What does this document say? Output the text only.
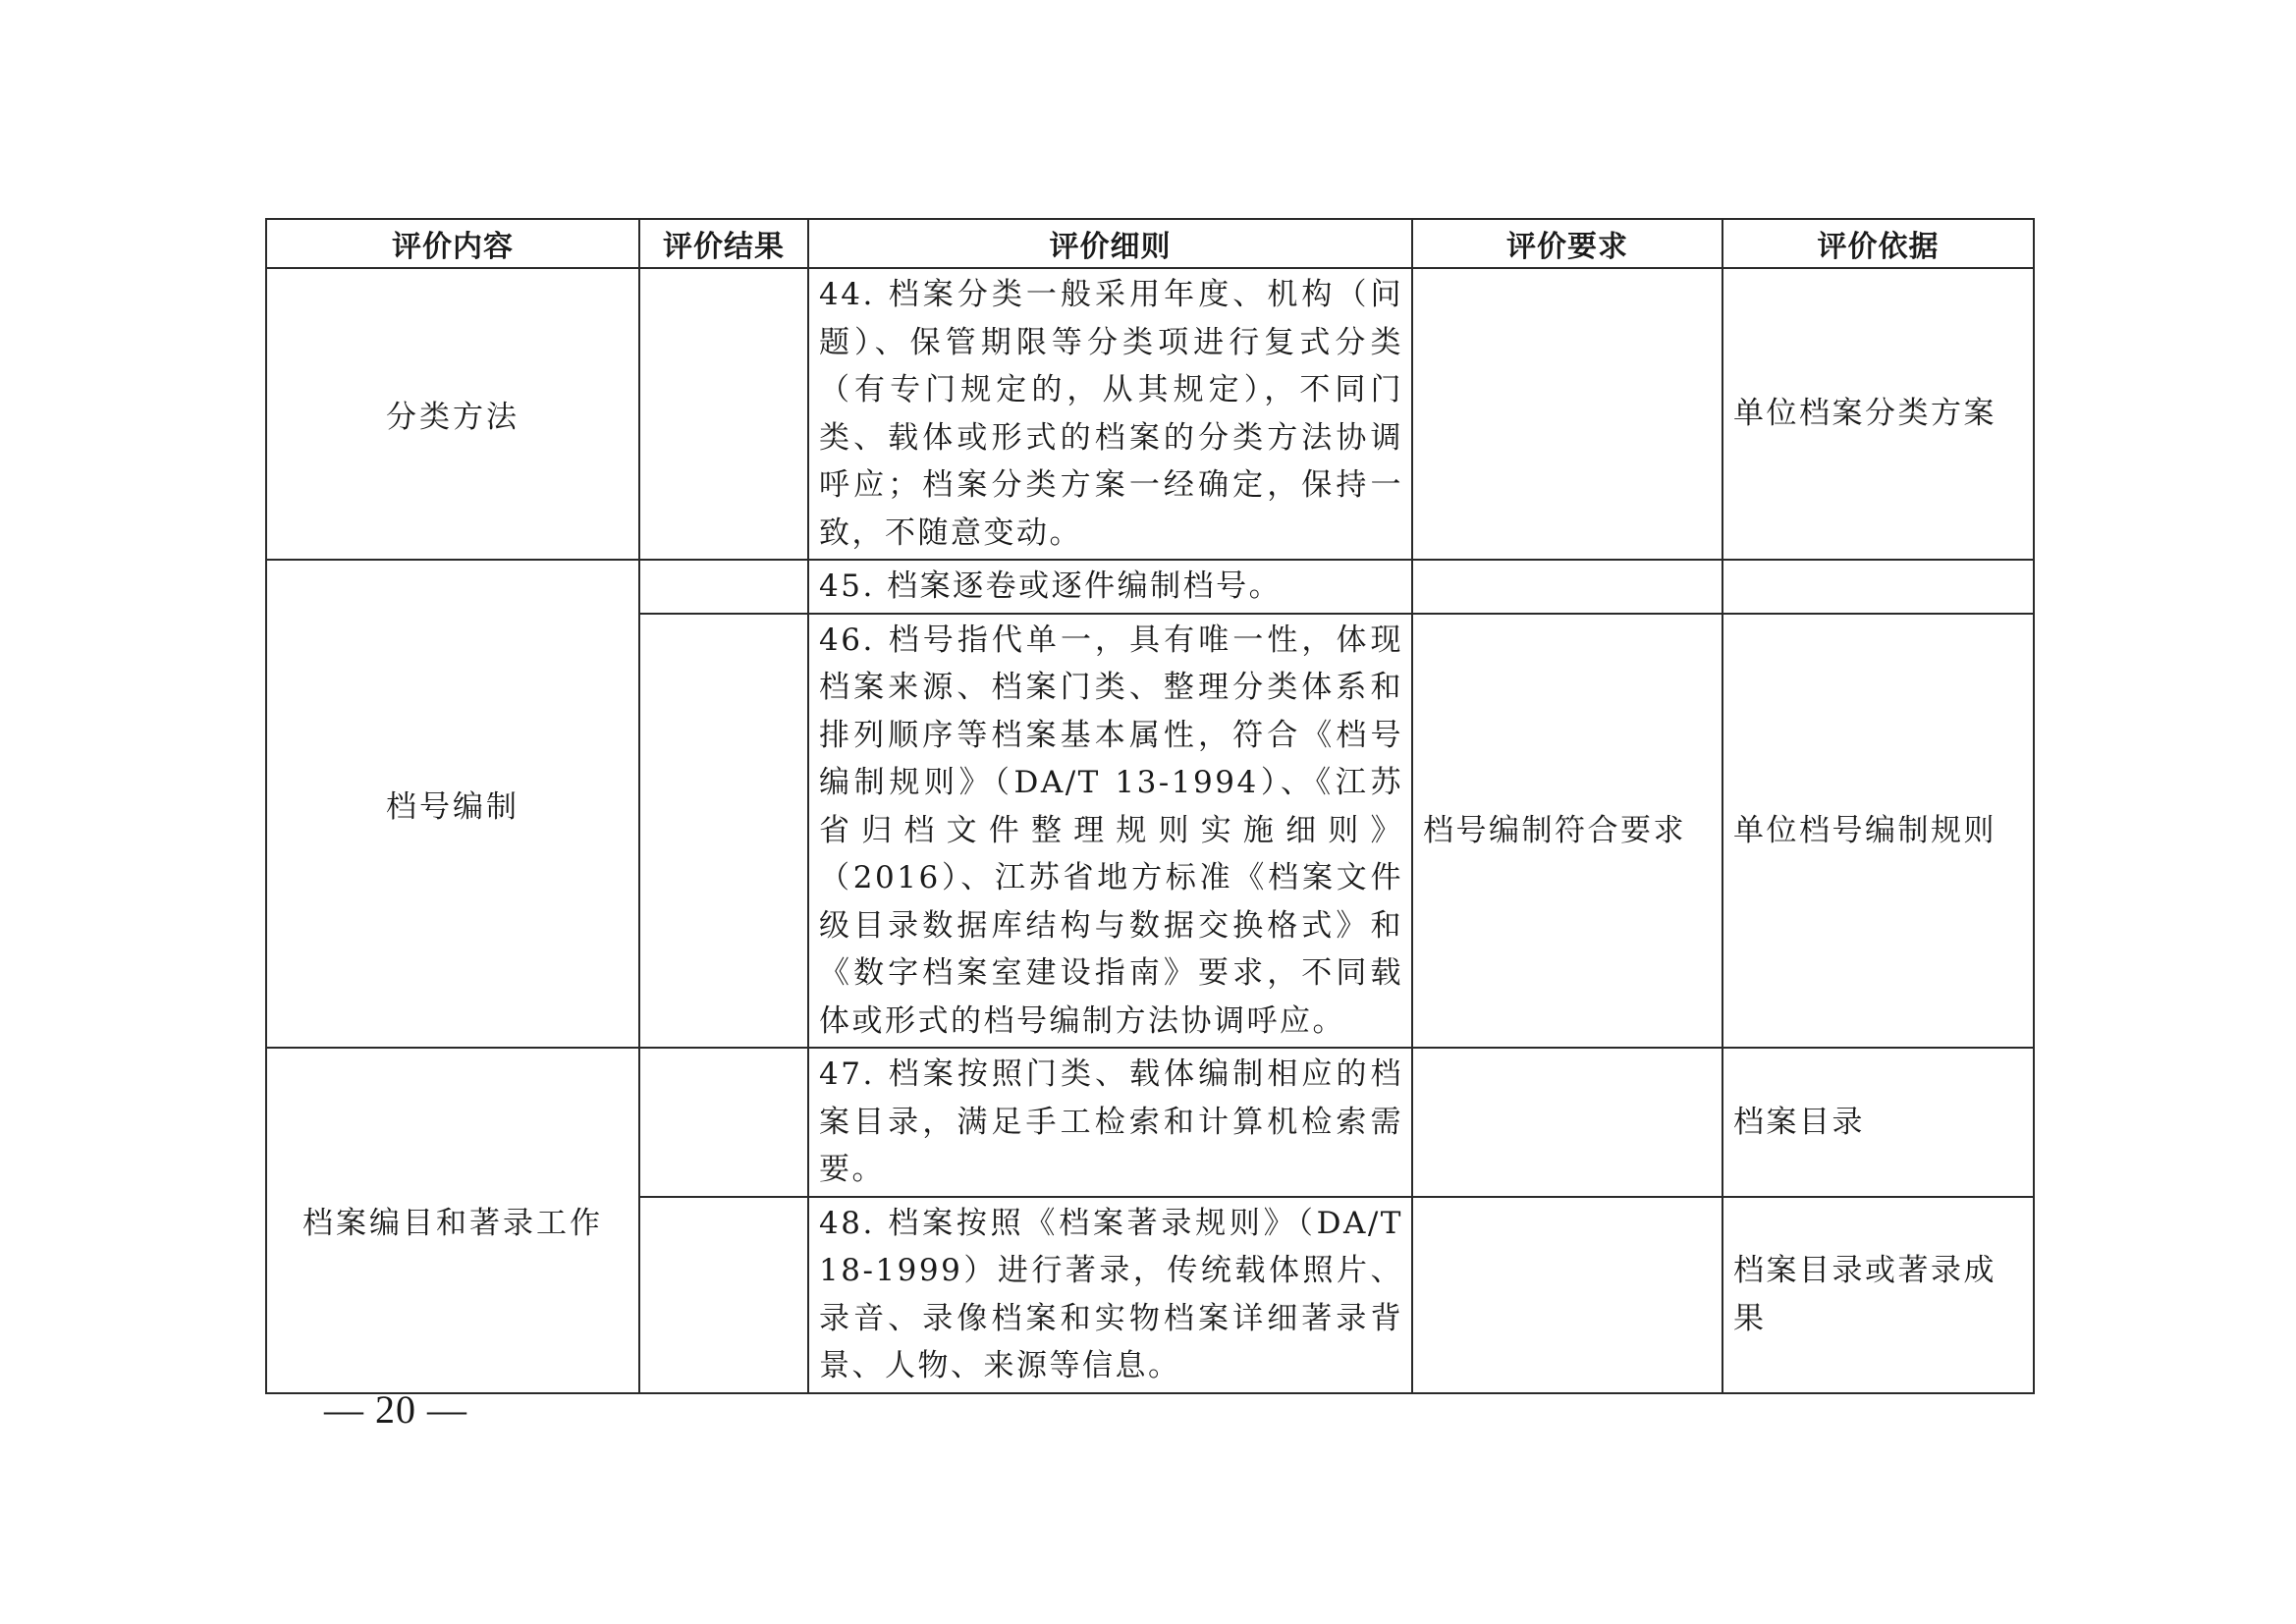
评价内容	评价结果	评价细则	评价要求	评价依据
分类方法		44. 档案分类一般采用年度、机构（问题）、保管期限等分类项进行复式分类（有专门规定的，从其规定），不同门类、载体或形式的档案的分类方法协调呼应；档案分类方案一经确定，保持一致，不随意变动。		单位档案分类方案
档号编制		45. 档案逐卷或逐件编制档号。		
		46. 档号指代单一，具有唯一性，体现档案来源、档案门类、整理分类体系和排列顺序等档案基本属性，符合《档号编制规则》（DA/T 13-1994）、《江苏省归档文件整理规则实施细则》（2016）、江苏省地方标准《档案文件级目录数据库结构与数据交换格式》和《数字档案室建设指南》要求，不同载体或形式的档号编制方法协调呼应。	档号编制符合要求	单位档号编制规则
档案编目和著录工作		47. 档案按照门类、载体编制相应的档案目录，满足手工检索和计算机检索需要。		档案目录
		48. 档案按照《档案著录规则》（DA/T 18-1999）进行著录，传统载体照片、录音、录像档案和实物档案详细著录背景、人物、来源等信息。		档案目录或著录成果
— 20 —
